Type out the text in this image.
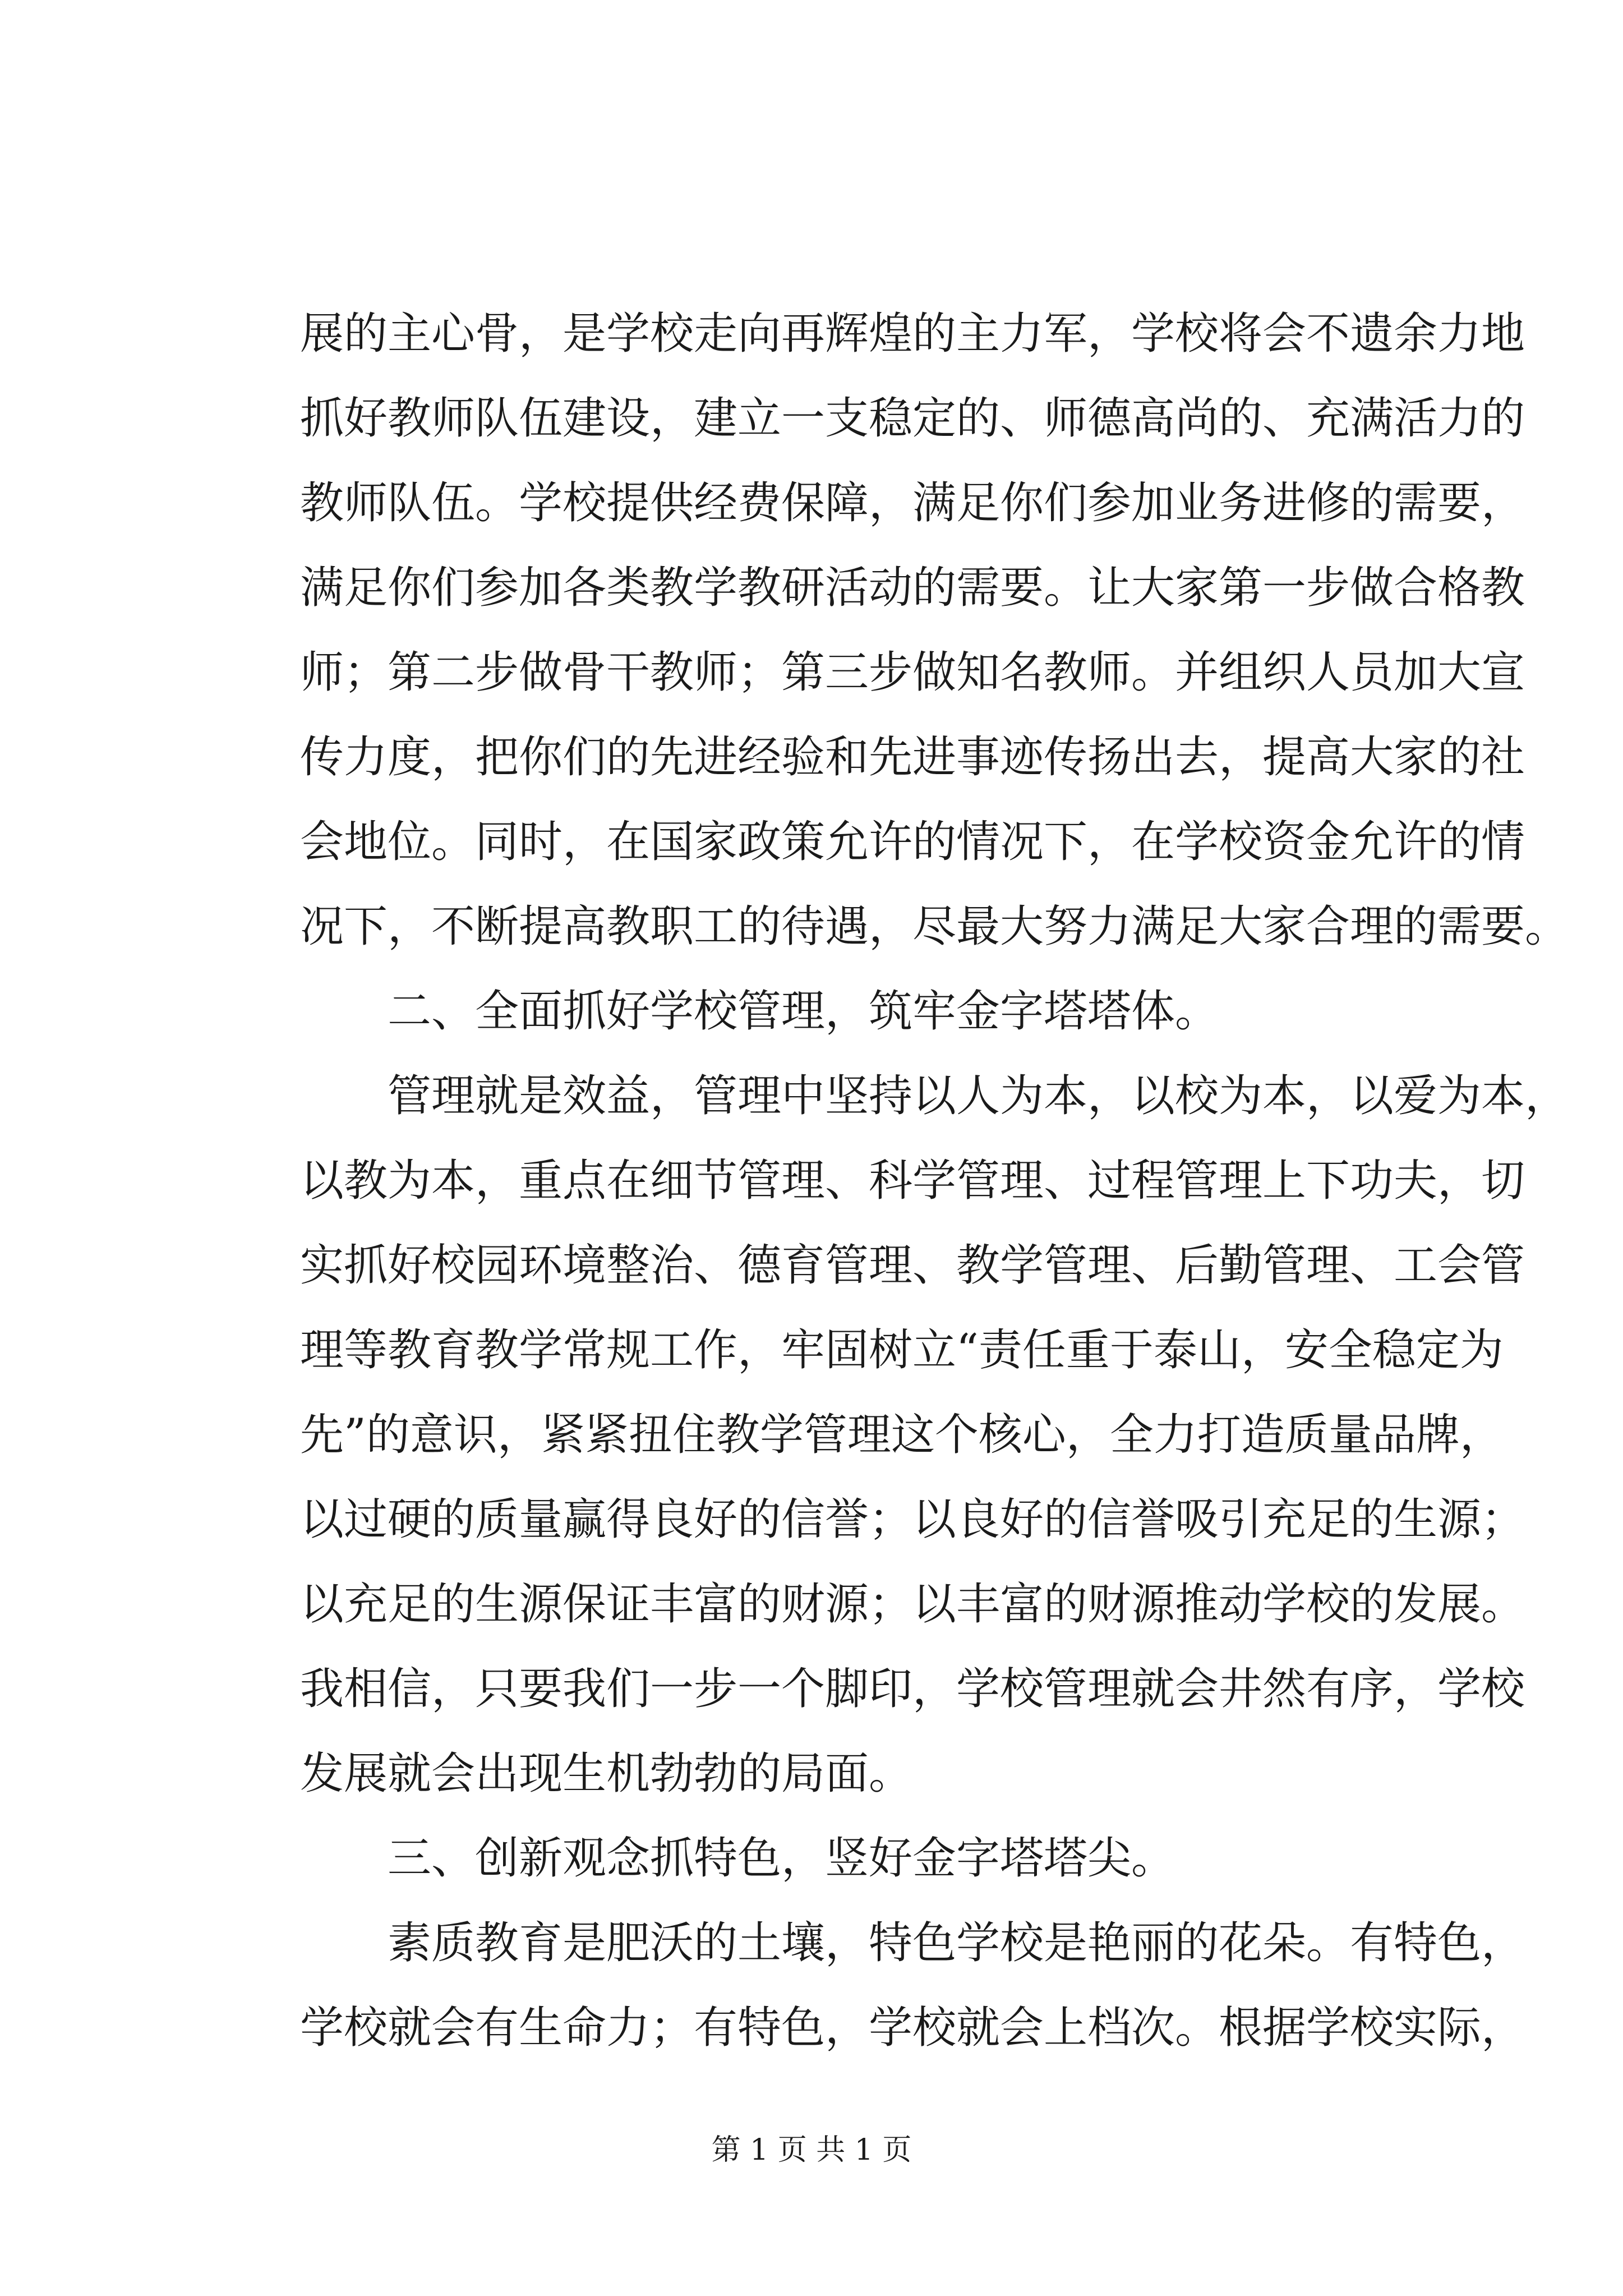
展的主心骨，是学校走向再辉煌的主力军，学校将会不遗余力地
抓好教师队伍建设，建立一支稳定的、师德高尚的、充满活力的
教师队伍。学校提供经费保障，满足你们参加业务进修的需要，
满足你们参加各类教学教研活动的需要。让大家第一步做合格教
师；第二步做骨干教师；第三步做知名教师。并组织人员加大宣
传力度，把你们的先进经验和先进事迹传扬出去，提高大家的社
会地位。同时，在国家政策允许的情况下，在学校资金允许的情
况下，不断提高教职工的待遇，尽最大努力满足大家合理的需要。
二、全面抓好学校管理，筑牢金字塔塔体。
管理就是效益，管理中坚持以人为本，以校为本，以爱为本，
以教为本，重点在细节管理、科学管理、过程管理上下功夫，切
实抓好校园环境整治、德育管理、教学管理、后勤管理、工会管
理等教育教学常规工作，牢固树立“责任重于泰山，安全稳定为
先”的意识，紧紧扭住教学管理这个核心，全力打造质量品牌，
以过硬的质量赢得良好的信誉；以良好的信誉吸引充足的生源；
以充足的生源保证丰富的财源；以丰富的财源推动学校的发展。
我相信，只要我们一步一个脚印，学校管理就会井然有序，学校
发展就会出现生机勃勃的局面。
三、创新观念抓特色，竖好金字塔塔尖。
素质教育是肥沃的土壤，特色学校是艳丽的花朵。有特色，
学校就会有生命力；有特色，学校就会上档次。根据学校实际，
第 1 页 共 1 页
